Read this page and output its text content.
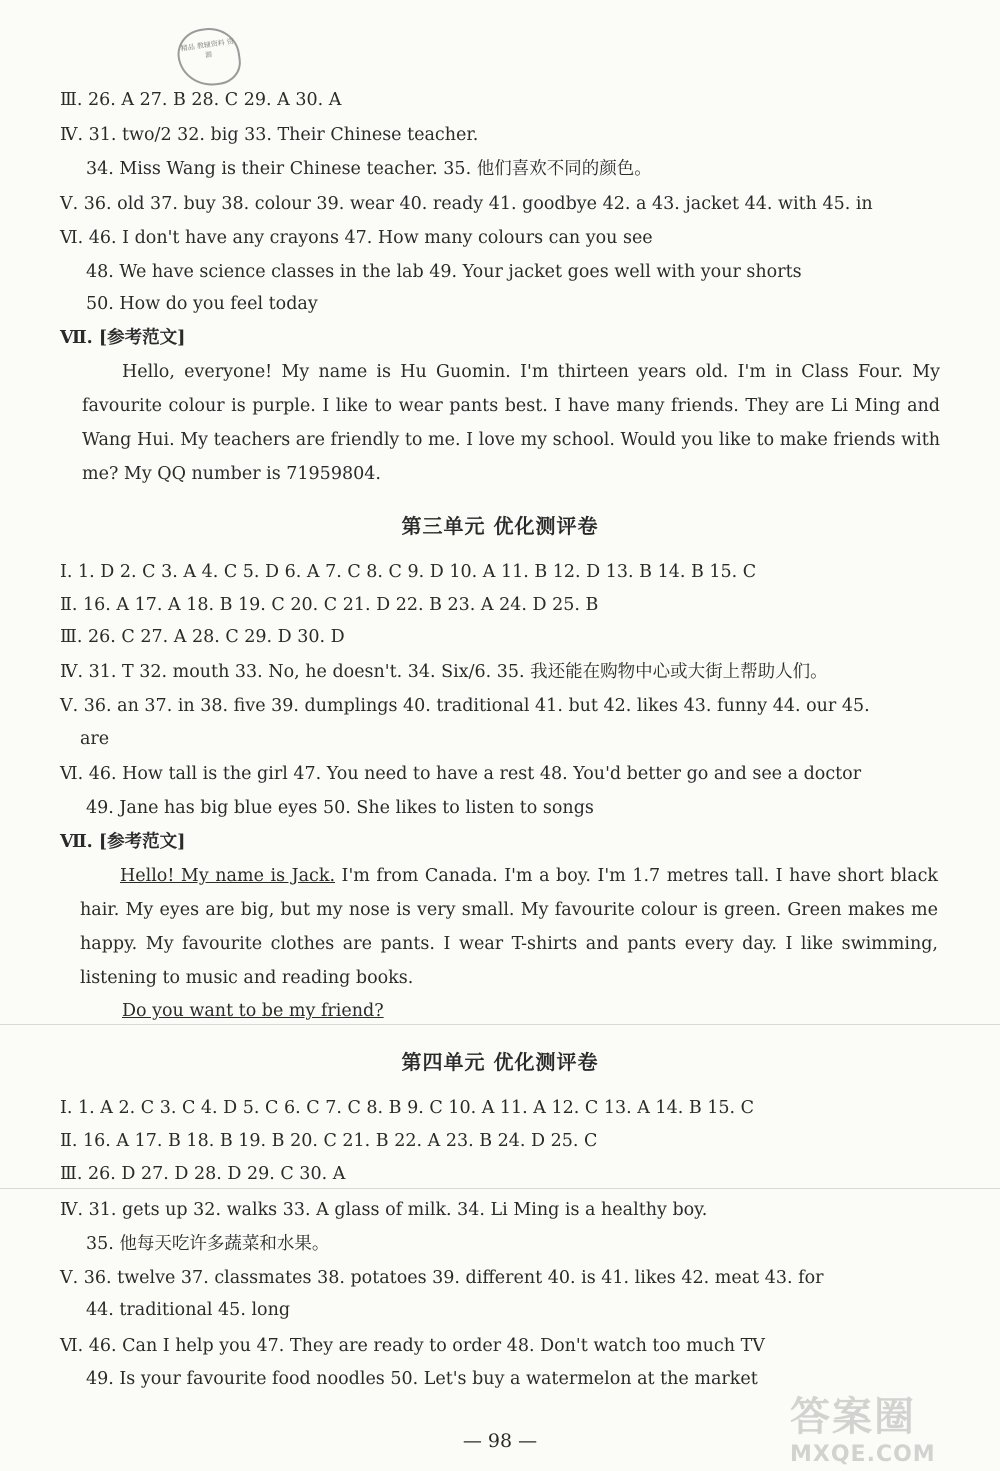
精品 教辅资料 资源
Ⅲ. 26. A 27. B 28. C 29. A 30. A
Ⅳ. 31. two/2 32. big 33. Their Chinese teacher.
34. Miss Wang is their Chinese teacher. 35. 他们喜欢不同的颜色。
Ⅴ. 36. old 37. buy 38. colour 39. wear 40. ready 41. goodbye 42. a 43. jacket 44. with 45. in
Ⅵ. 46. I don't have any crayons 47. How many colours can you see
48. We have science classes in the lab 49. Your jacket goes well with your shorts
50. How do you feel today
Ⅶ. [参考范文]
Hello, everyone! My name is Hu Guomin. I'm thirteen years old. I'm in Class Four. My favourite colour is purple. I like to wear pants best. I have many friends. They are Li Ming and Wang Hui. My teachers are friendly to me. I love my school. Would you like to make friends with me? My QQ number is 71959804.
第三单元 优化测评卷
Ⅰ. 1. D 2. C 3. A 4. C 5. D 6. A 7. C 8. C 9. D 10. A 11. B 12. D 13. B 14. B 15. C
Ⅱ. 16. A 17. A 18. B 19. C 20. C 21. D 22. B 23. A 24. D 25. B
Ⅲ. 26. C 27. A 28. C 29. D 30. D
Ⅳ. 31. T 32. mouth 33. No, he doesn't. 34. Six/6. 35. 我还能在购物中心或大街上帮助人们。
Ⅴ. 36. an 37. in 38. five 39. dumplings 40. traditional 41. but 42. likes 43. funny 44. our 45.
are
Ⅵ. 46. How tall is the girl 47. You need to have a rest 48. You'd better go and see a doctor
49. Jane has big blue eyes 50. She likes to listen to songs
Ⅶ. [参考范文]
Hello! My name is Jack. I'm from Canada. I'm a boy. I'm 1.7 metres tall. I have short black hair. My eyes are big, but my nose is very small. My favourite colour is green. Green makes me happy. My favourite clothes are pants. I wear T-shirts and pants every day. I like swimming, listening to music and reading books.
Do you want to be my friend?
第四单元 优化测评卷
Ⅰ. 1. A 2. C 3. C 4. D 5. C 6. C 7. C 8. B 9. C 10. A 11. A 12. C 13. A 14. B 15. C
Ⅱ. 16. A 17. B 18. B 19. B 20. C 21. B 22. A 23. B 24. D 25. C
Ⅲ. 26. D 27. D 28. D 29. C 30. A
Ⅳ. 31. gets up 32. walks 33. A glass of milk. 34. Li Ming is a healthy boy.
35. 他每天吃许多蔬菜和水果。
Ⅴ. 36. twelve 37. classmates 38. potatoes 39. different 40. is 41. likes 42. meat 43. for
44. traditional 45. long
Ⅵ. 46. Can I help you 47. They are ready to order 48. Don't watch too much TV
49. Is your favourite food noodles 50. Let's buy a watermelon at the market
— 98 —
答案圈
MXQE.COM
